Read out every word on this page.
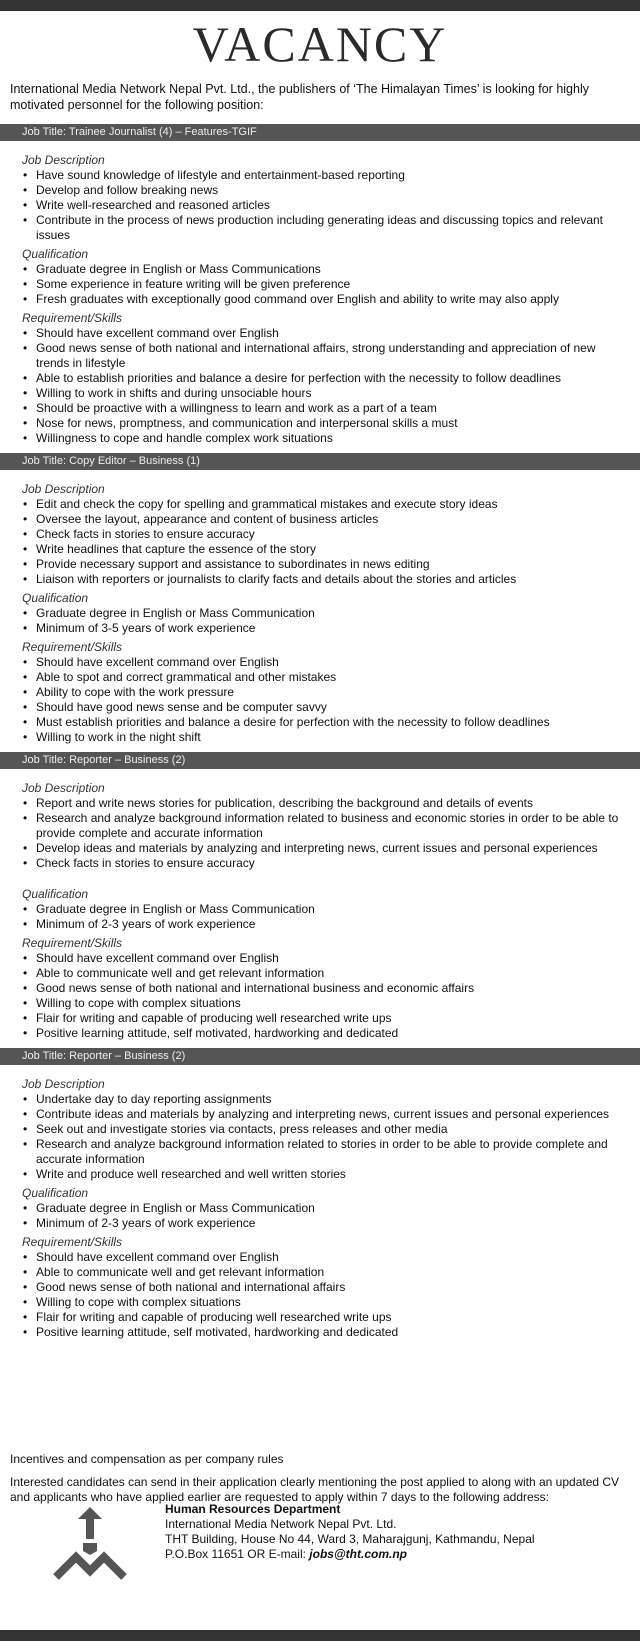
VACANCY
International Media Network Nepal Pvt. Ltd., the publishers of ‘The Himalayan Times’ is looking for highly motivated personnel for the following position:
Job Title: Trainee Journalist (4) – Features-TGIF
Job Description
• Have sound knowledge of lifestyle and entertainment-based reporting
• Develop and follow breaking news
• Write well-researched and reasoned articles
• Contribute in the process of news production including generating ideas and discussing topics and relevant issues
Qualification
• Graduate degree in English or Mass Communications
• Some experience in feature writing will be given preference
• Fresh graduates with exceptionally good command over English and ability to write may also apply
Requirement/Skills
• Should have excellent command over English
• Good news sense of both national and international affairs, strong understanding and appreciation of new trends in lifestyle
• Able to establish priorities and balance a desire for perfection with the necessity to follow deadlines
• Willing to work in shifts and during unsociable hours
• Should be proactive with a willingness to learn and work as a part of a team
• Nose for news, promptness, and communication and interpersonal skills a must
• Willingness to cope and handle complex work situations
Job Title: Copy Editor – Business (1)
Job Description
• Edit and check the copy for spelling and grammatical mistakes and execute story ideas
• Oversee the layout, appearance and content of business articles
• Check facts in stories to ensure accuracy
• Write headlines that capture the essence of the story
• Provide necessary support and assistance to subordinates in news editing
• Liaison with reporters or journalists to clarify facts and details about the stories and articles
Qualification
• Graduate degree in English or Mass Communication
• Minimum of 3-5 years of work experience
Requirement/Skills
• Should have excellent command over English
• Able to spot and correct grammatical and other mistakes
• Ability to cope with the work pressure
• Should have good news sense and be computer savvy
• Must establish priorities and balance a desire for perfection with the necessity to follow deadlines
• Willing to work in the night shift
Job Title: Reporter – Business (2)
Job Description
• Report and write news stories for publication, describing the background and details of events
• Research and analyze background information related to business and economic stories in order to be able to provide complete and accurate information
• Develop ideas and materials by analyzing and interpreting news, current issues and personal experiences
• Check facts in stories to ensure accuracy
Qualification
• Graduate degree in English or Mass Communication
• Minimum of 2-3 years of work experience
Requirement/Skills
• Should have excellent command over English
• Able to communicate well and get relevant information
• Good news sense of both national and international business and economic affairs
• Willing to cope with complex situations
• Flair for writing and capable of producing well researched write ups
• Positive learning attitude, self motivated, hardworking and dedicated
Job Title: Reporter – Business (2)
Job Description
• Undertake day to day reporting assignments
• Contribute ideas and materials by analyzing and interpreting news, current issues and personal experiences
• Seek out and investigate stories via contacts, press releases and other media
• Research and analyze background information related to stories in order to be able to provide complete and accurate information
• Write and produce well researched and well written stories
Qualification
• Graduate degree in English or Mass Communication
• Minimum of 2-3 years of work experience
Requirement/Skills
• Should have excellent command over English
• Able to communicate well and get relevant information
• Good news sense of both national and international affairs
• Willing to cope with complex situations
• Flair for writing and capable of producing well researched write ups
• Positive learning attitude, self motivated, hardworking and dedicated

Incentives and compensation as per company rules

Interested candidates can send in their application clearly mentioning the post applied to along with an updated CV and applicants who have applied earlier are requested to apply within 7 days to the following address:

Human Resources Department
International Media Network Nepal Pvt. Ltd.
THT Building, House No 44, Ward 3, Maharajgunj, Kathmandu, Nepal
P.O.Box 11651 OR E-mail: jobs@tht.com.np
